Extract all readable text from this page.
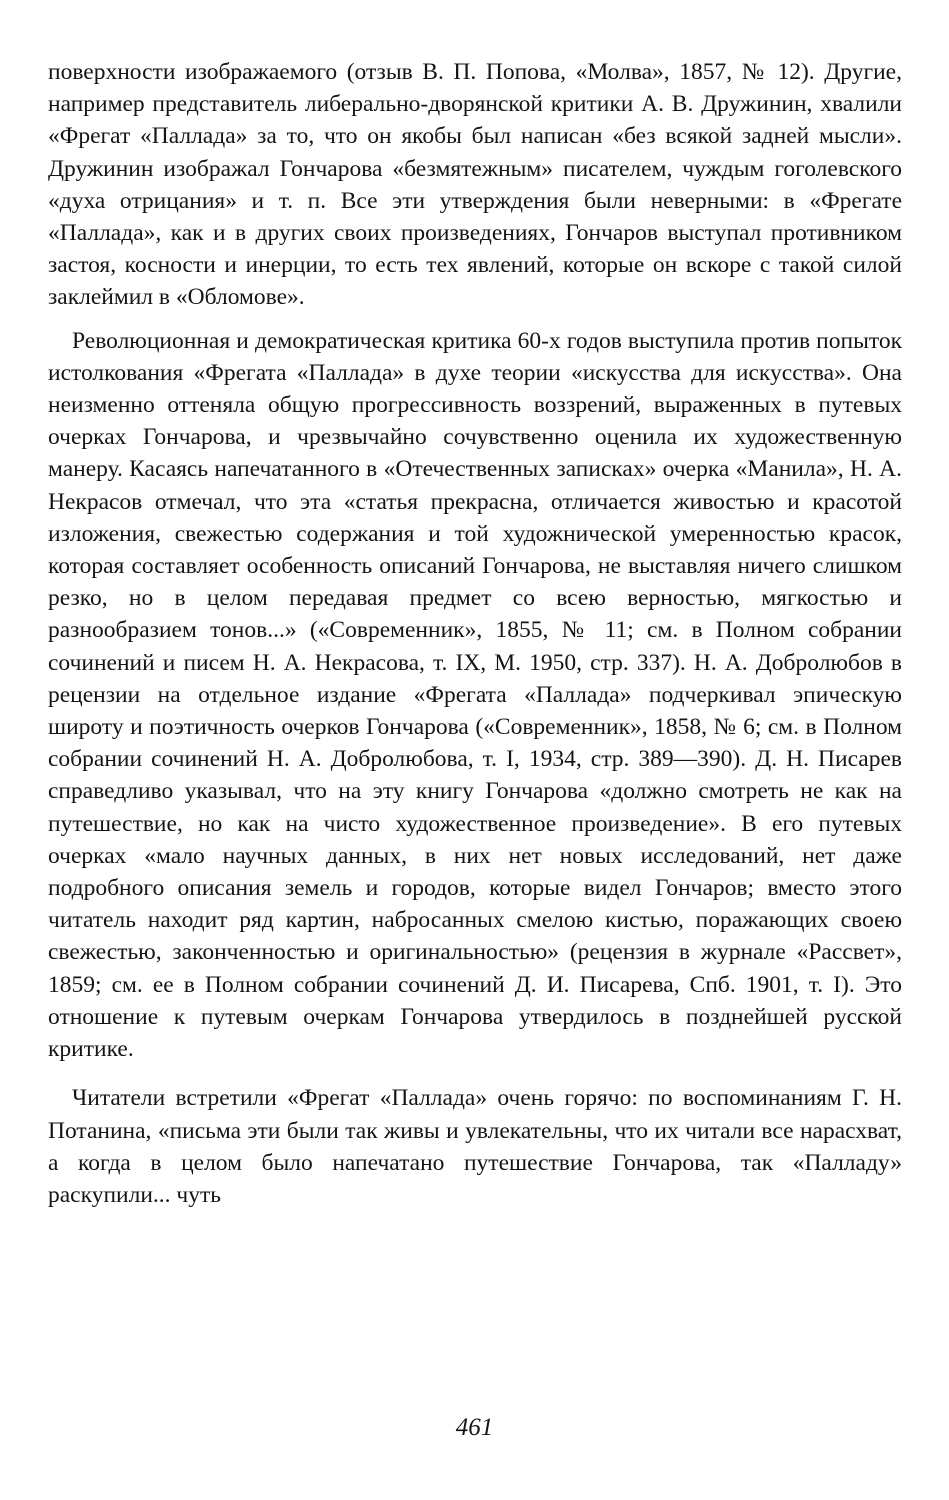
поверхности изображаемого (отзыв В. П. Попова, «Молва», 1857, № 12). Другие, например представитель либерально-дворянской критики А. В. Дружинин, хвалили «Фрегат «Паллада» за то, что он якобы был написан «без всякой задней мысли». Дружинин изображал Гончарова «безмятежным» писателем, чуждым гоголевского «духа отрицания» и т. п. Все эти утверждения были неверными: в «Фрегате «Паллада», как и в других своих произведениях, Гончаров выступал противником застоя, косности и инерции, то есть тех явлений, которые он вскоре с такой силой заклеймил в «Обломове».

Революционная и демократическая критика 60-х годов выступила против попыток истолкования «Фрегата «Паллада» в духе теории «искусства для искусства». Она неизменно оттеняла общую прогрессивность воззрений, выраженных в путевых очерках Гончарова, и чрезвычайно сочувственно оценила их художественную манеру. Касаясь напечатанного в «Отечественных записках» очерка «Манила», Н. А. Некрасов отмечал, что эта «статья прекрасна, отличается живостью и красотой изложения, свежестью содержания и той художнической умеренностью красок, которая составляет особенность описаний Гончарова, не выставляя ничего слишком резко, но в целом передавая предмет со всею верностью, мягкостью и разнообразием тонов...» («Современник», 1855, № 11; см. в Полном собрании сочинений и писем Н. А. Некрасова, т. IX, М. 1950, стр. 337). Н. А. Добролюбов в рецензии на отдельное издание «Фрегата «Паллада» подчеркивал эпическую широту и поэтичность очерков Гончарова («Современник», 1858, № 6; см. в Полном собрании сочинений Н. А. Добролюбова, т. I, 1934, стр. 389—390). Д. Н. Писарев справедливо указывал, что на эту книгу Гончарова «должно смотреть не как на путешествие, но как на чисто художественное произведение». В его путевых очерках «мало научных данных, в них нет новых исследований, нет даже подробного описания земель и городов, которые видел Гончаров; вместо этого читатель находит ряд картин, набросанных смелою кистью, поражающих своею свежестью, законченностью и оригинальностью» (рецензия в журнале «Рассвет», 1859; см. ее в Полном собрании сочинений Д. И. Писарева, Спб. 1901, т. I). Это отношение к путевым очеркам Гончарова утвердилось в позднейшей русской критике.

Читатели встретили «Фрегат «Паллада» очень горячо: по воспоминаниям Г. Н. Потанина, «письма эти были так живы и увлекательны, что их читали все нарасхват, а когда в целом было напечатано путешествие Гончарова, так «Палладу» раскупили... чуть

461
